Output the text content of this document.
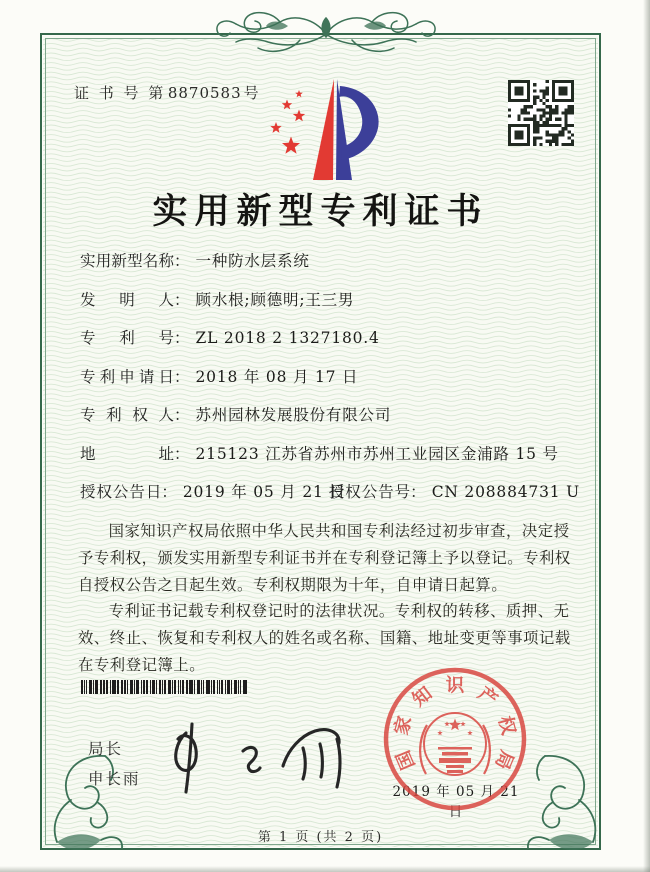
证 书 号 第 8870583 号
实用新型专利证书
实用新型名称 ： 一种防水层系统
发明人 ： 顾水根;顾德明;王三男
专利号 ： ZL 2018 2 1327180.4
专利申请日 ： 2018 年 08 月 17 日
专利权人 ： 苏州园林发展股份有限公司
地址 ： 215123 江苏省苏州市苏州工业园区金浦路 15 号
授权公告日 ： 2019 年 05 月 21 日
授权公告号 ： CN 208884731 U

国家知识产权局依照中华人民共和国专利法经过初步审查，决定授予专利权，颁发实用新型专利证书并在专利登记簿上予以登记。专利权自授权公告之日起生效。专利权期限为十年，自申请日起算。

专利证书记载专利权登记时的法律状况。专利权的转移、质押、无效、终止、恢复和专利权人的姓名或名称、国籍、地址变更等事项记载在专利登记簿上。

局长
申长雨
2019 年 05 月 21 日
国
家
知 识 产
权
局
第 1 页 (共 2 页)
